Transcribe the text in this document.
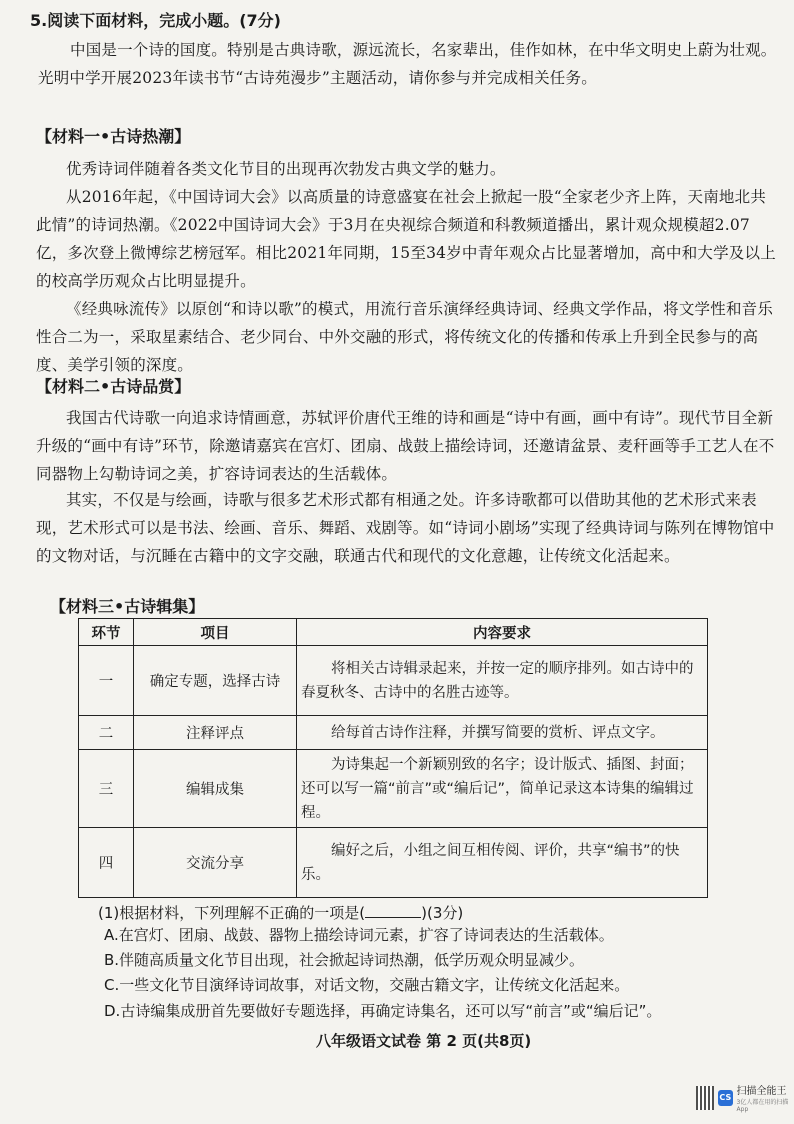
5.阅读下面材料，完成小题。(7分)
中国是一个诗的国度。特别是古典诗歌，源远流长，名家辈出，佳作如林，在中华文明史上蔚为壮观。光明中学开展2023年读书节“古诗苑漫步”主题活动，请你参与并完成相关任务。
【材料一•古诗热潮】
优秀诗词伴随着各类文化节目的出现再次勃发古典文学的魅力。
从2016年起，《中国诗词大会》以高质量的诗意盛宴在社会上掀起一股“全家老少齐上阵，天南地北共此情”的诗词热潮。《2022中国诗词大会》于3月在央视综合频道和科教频道播出，累计观众规模超2.07亿，多次登上微博综艺榜冠军。相比2021年同期，15至34岁中青年观众占比显著增加，高中和大学及以上的校高学历观众占比明显提升。
《经典咏流传》以原创“和诗以歌”的模式，用流行音乐演绎经典诗词、经典文学作品，将文学性和音乐性合二为一，采取星素结合、老少同台、中外交融的形式，将传统文化的传播和传承上升到全民参与的高度、美学引领的深度。
【材料二•古诗品赏】
我国古代诗歌一向追求诗情画意，苏轼评价唐代王维的诗和画是“诗中有画，画中有诗”。现代节目全新升级的“画中有诗”环节，除邀请嘉宾在宫灯、团扇、战鼓上描绘诗词，还邀请盆景、麦秆画等手工艺人在不同器物上勾勒诗词之美，扩容诗词表达的生活载体。
其实，不仅是与绘画，诗歌与很多艺术形式都有相通之处。许多诗歌都可以借助其他的艺术形式来表现，艺术形式可以是书法、绘画、音乐、舞蹈、戏剧等。如“诗词小剧场”实现了经典诗词与陈列在博物馆中的文物对话，与沉睡在古籍中的文字交融，联通古代和现代的文化意趣，让传统文化活起来。
【材料三•古诗辑集】
环节	项目	内容要求
一	确定专题，选择古诗	将相关古诗辑录起来，并按一定的顺序排列。如古诗中的春夏秋冬、古诗中的名胜古迹等。
二	注释评点	给每首古诗作注释，并撰写简要的赏析、评点文字。
三	编辑成集	为诗集起一个新颖别致的名字；设计版式、插图、封面；还可以写一篇“前言”或“编后记”，简单记录这本诗集的编辑过程。
四	交流分享	编好之后，小组之间互相传阅、评价，共享“编书”的快乐。
(1)根据材料，下列理解不正确的一项是(	)(3分)
A.在宫灯、团扇、战鼓、器物上描绘诗词元素，扩容了诗词表达的生活载体。
B.伴随高质量文化节目出现，社会掀起诗词热潮，低学历观众明显减少。
C.一些文化节目演绎诗词故事，对话文物，交融古籍文字，让传统文化活起来。
D.古诗编集成册首先要做好专题选择，再确定诗集名，还可以写“前言”或“编后记”。
八年级语文试卷 第 2 页(共8页)
CS
扫描全能王
3亿人都在用的扫描App
